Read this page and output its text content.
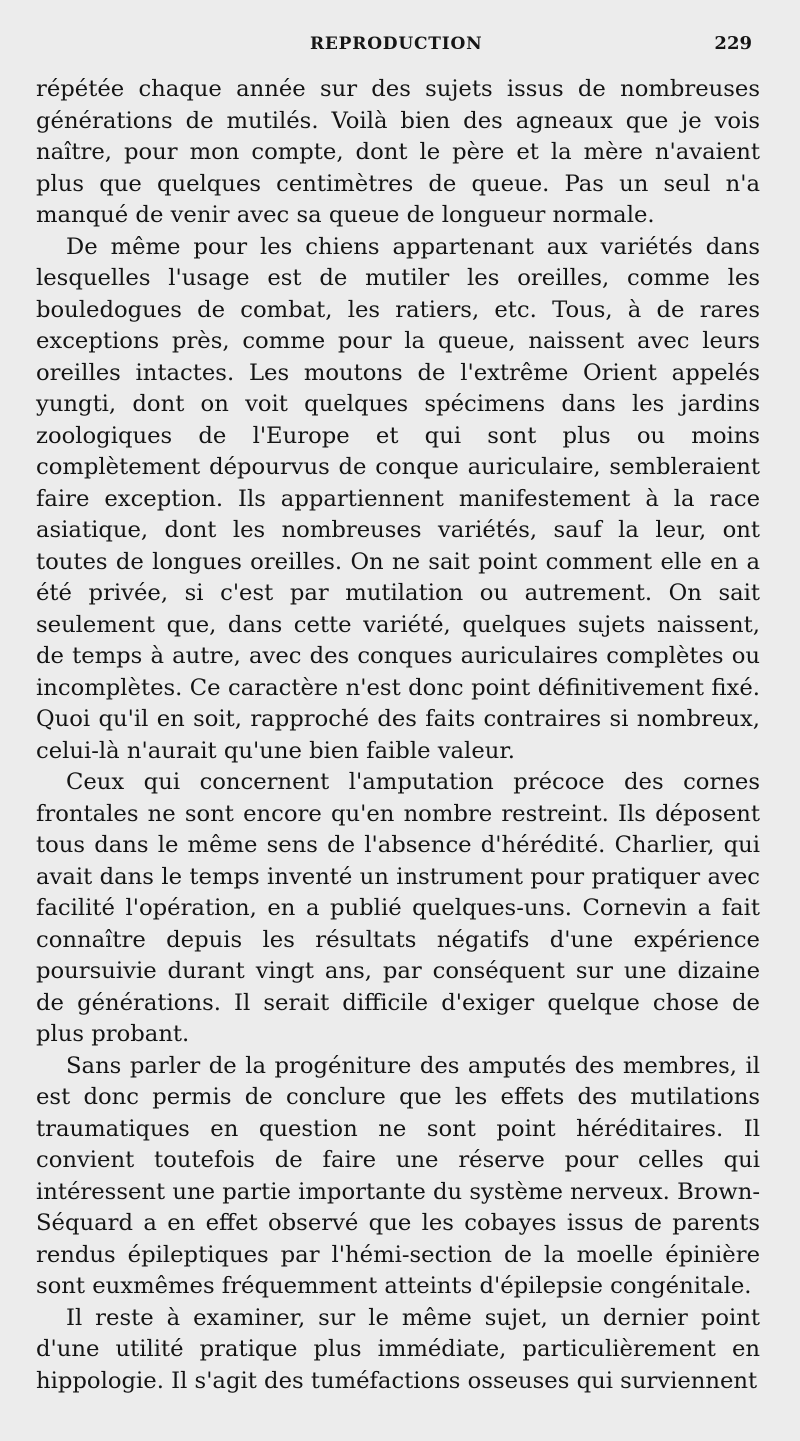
REPRODUCTION	229

répétée chaque année sur des sujets issus de nombreuses générations de mutilés. Voilà bien des agneaux que je vois naître, pour mon compte, dont le père et la mère n'avaient plus que quelques centimètres de queue. Pas un seul n'a manqué de venir avec sa queue de longueur normale.

De même pour les chiens appartenant aux variétés dans lesquelles l'usage est de mutiler les oreilles, comme les bouledogues de combat, les ratiers, etc. Tous, à de rares exceptions près, comme pour la queue, naissent avec leurs oreilles intactes. Les moutons de l'extrême Orient appelés yungti, dont on voit quelques spécimens dans les jardins zoologiques de l'Europe et qui sont plus ou moins complètement dépourvus de conque auriculaire, sembleraient faire exception. Ils appartiennent manifestement à la race asiatique, dont les nombreuses variétés, sauf la leur, ont toutes de longues oreilles. On ne sait point comment elle en a été privée, si c'est par mutilation ou autrement. On sait seulement que, dans cette variété, quelques sujets naissent, de temps à autre, avec des conques auriculaires complètes ou incomplètes. Ce caractère n'est donc point définitivement fixé. Quoi qu'il en soit, rapproché des faits contraires si nombreux, celui-là n'aurait qu'une bien faible valeur.

Ceux qui concernent l'amputation précoce des cornes frontales ne sont encore qu'en nombre restreint. Ils déposent tous dans le même sens de l'absence d'hérédité. Charlier, qui avait dans le temps inventé un instrument pour pratiquer avec facilité l'opération, en a publié quelques-uns. Cornevin a fait connaître depuis les résultats négatifs d'une expérience poursuivie durant vingt ans, par conséquent sur une dizaine de générations. Il serait difficile d'exiger quelque chose de plus probant.

Sans parler de la progéniture des amputés des membres, il est donc permis de conclure que les effets des mutilations traumatiques en question ne sont point héréditaires. Il convient toutefois de faire une réserve pour celles qui intéressent une partie importante du système nerveux. Brown-Séquard a en effet observé que les cobayes issus de parents rendus épileptiques par l'hémi-section de la moelle épinière sont euxmêmes fréquemment atteints d'épilepsie congénitale.

Il reste à examiner, sur le même sujet, un dernier point d'une utilité pratique plus immédiate, particulièrement en hippologie. Il s'agit des tuméfactions osseuses qui surviennent
